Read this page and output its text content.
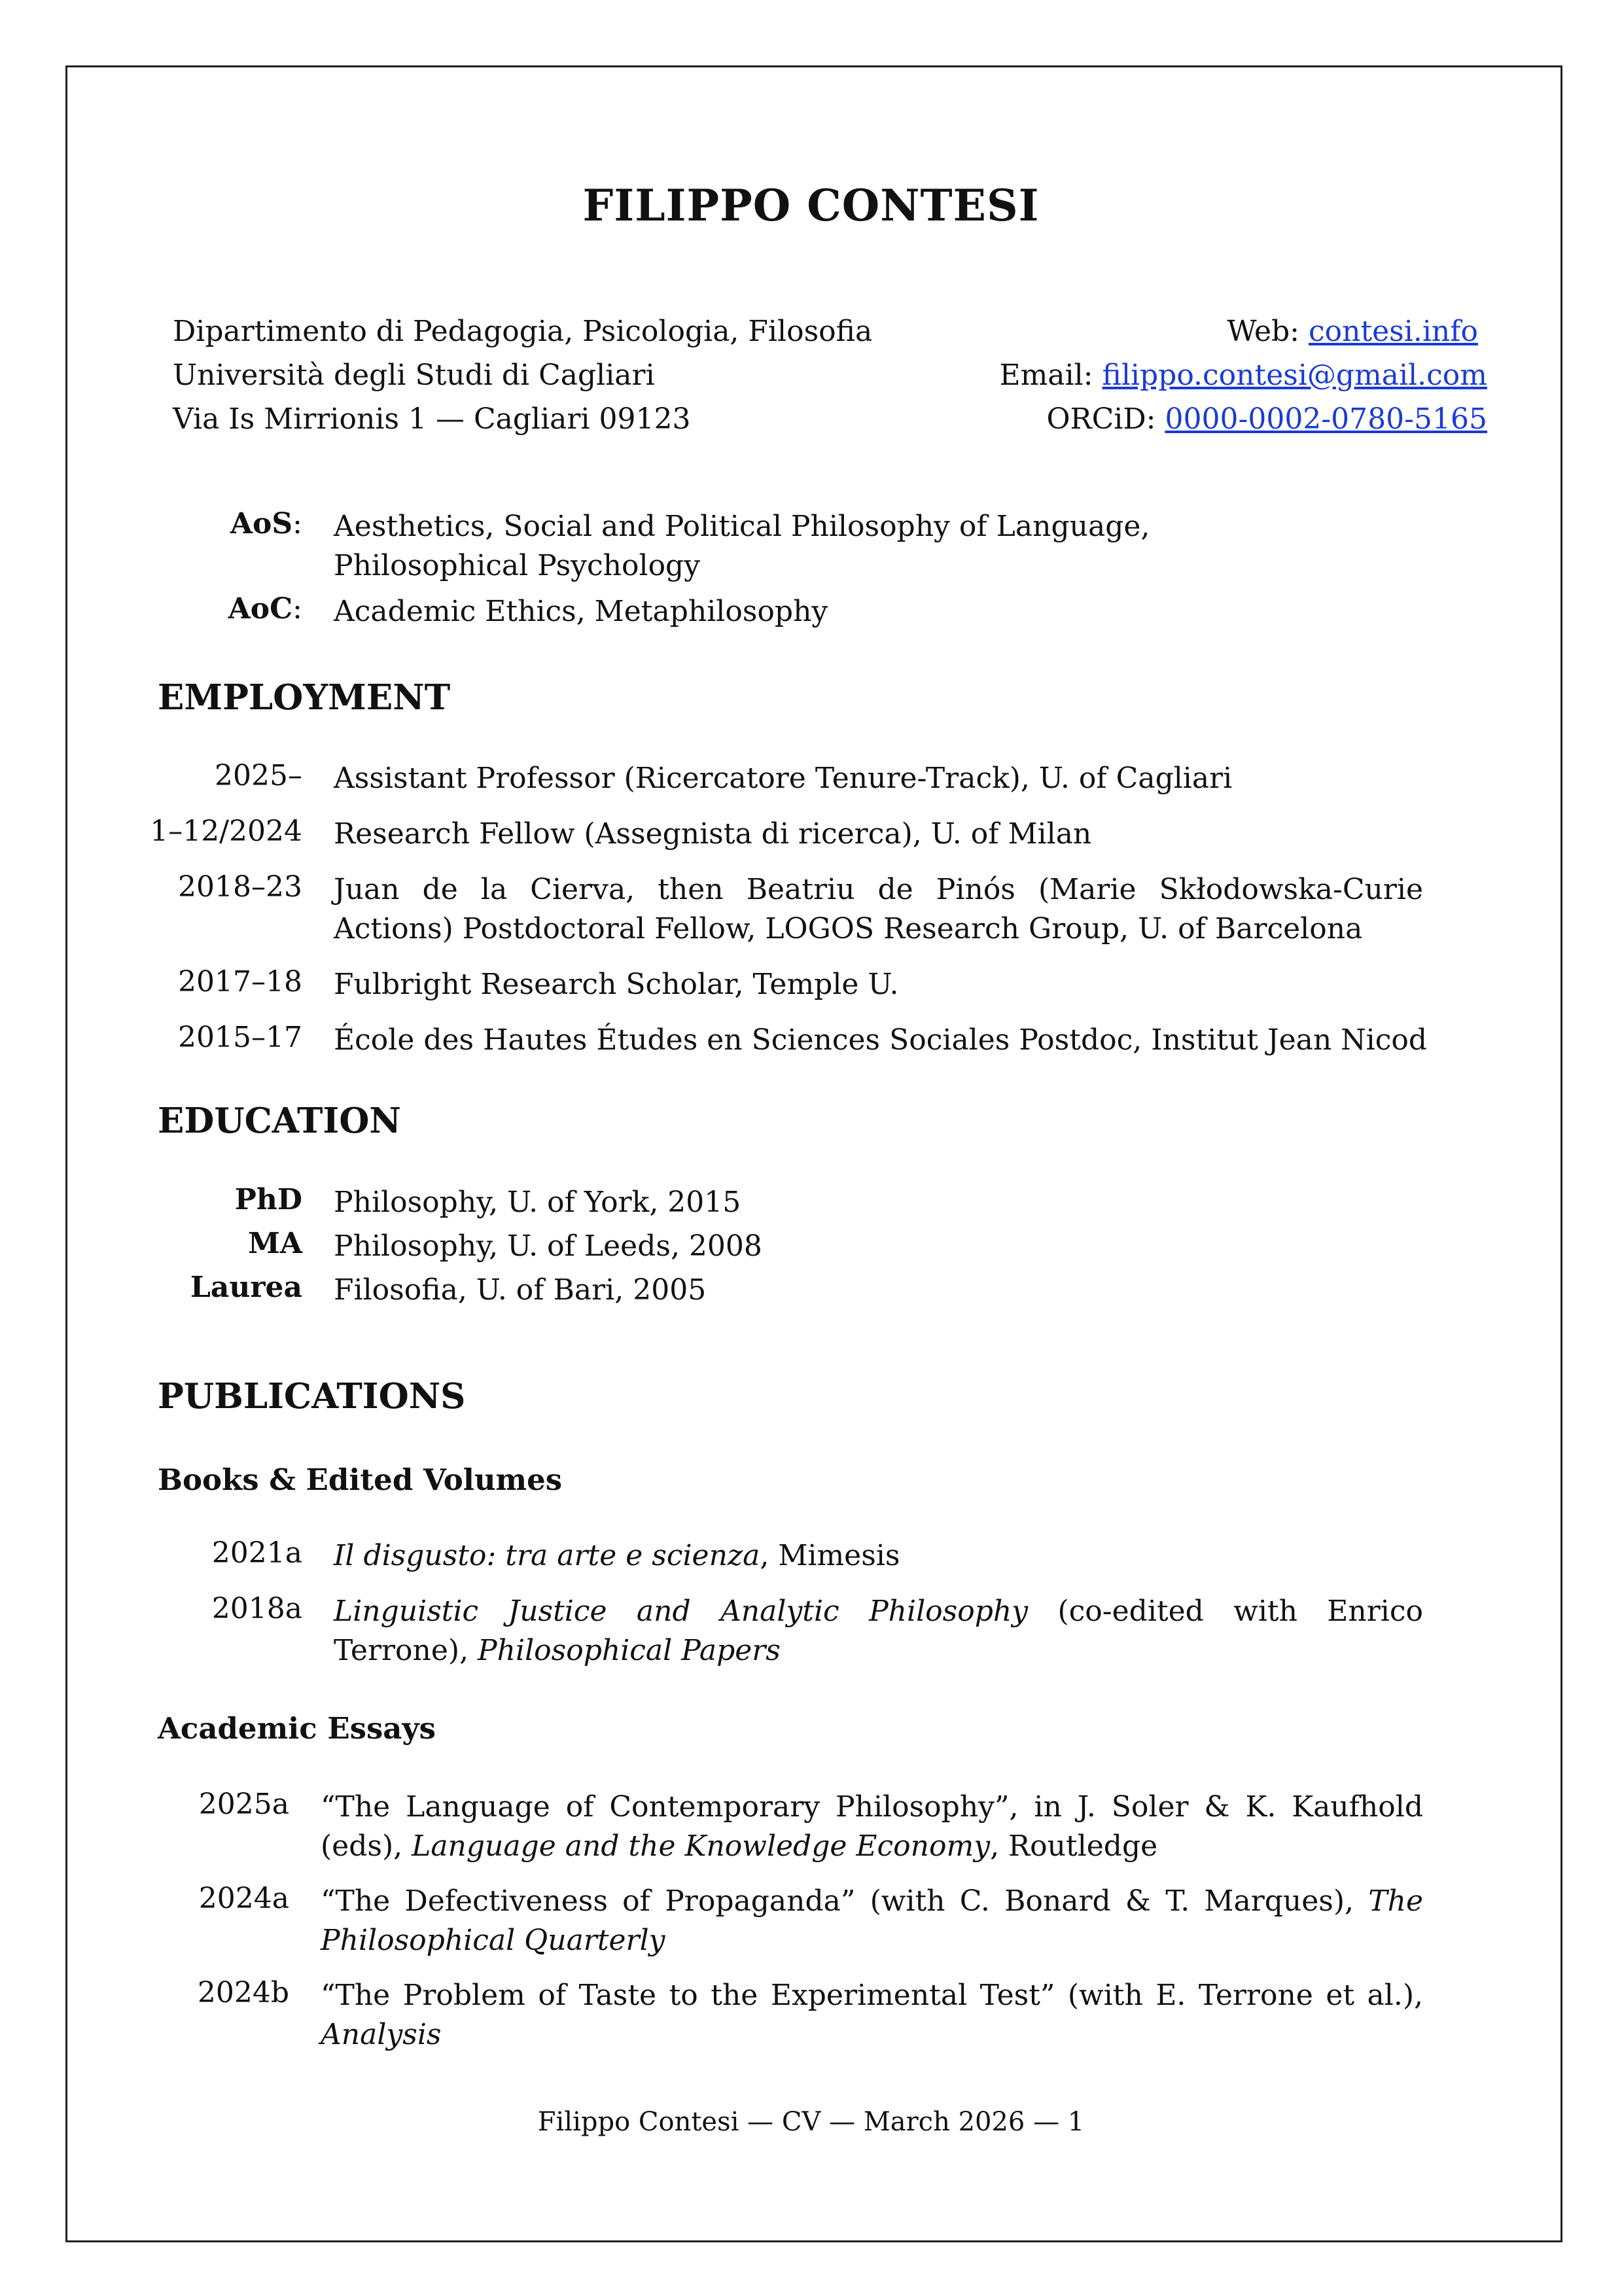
FILIPPO CONTESI
Dipartimento di Pedagogia, Psicologia, Filosofia
Università degli Studi di Cagliari
Via Is Mirrionis 1 — Cagliari 09123
Web: contesi.info
Email: filippo.contesi@gmail.com
ORCiD: 0000-0002-0780-5165
AoS: Aesthetics, Social and Political Philosophy of Language, Philosophical Psychology
AoC: Academic Ethics, Metaphilosophy
EMPLOYMENT
2025– Assistant Professor (Ricercatore Tenure-Track), U. of Cagliari
1–12/2024 Research Fellow (Assegnista di ricerca), U. of Milan
2018–23 Juan de la Cierva, then Beatriu de Pinós (Marie Skłodowska-Curie Actions) Postdoctoral Fellow, LOGOS Research Group, U. of Barcelona
2017–18 Fulbright Research Scholar, Temple U.
2015–17 École des Hautes Études en Sciences Sociales Postdoc, Institut Jean Nicod
EDUCATION
PhD Philosophy, U. of York, 2015
MA Philosophy, U. of Leeds, 2008
Laurea Filosofia, U. of Bari, 2005
PUBLICATIONS
Books & Edited Volumes
2021a Il disgusto: tra arte e scienza, Mimesis
2018a Linguistic Justice and Analytic Philosophy (co-edited with Enrico Terrone), Philosophical Papers
Academic Essays
2025a “The Language of Contemporary Philosophy”, in J. Soler & K. Kaufhold (eds), Language and the Knowledge Economy, Routledge
2024a “The Defectiveness of Propaganda” (with C. Bonard & T. Marques), The Philosophical Quarterly
2024b “The Problem of Taste to the Experimental Test” (with E. Terrone et al.), Analysis
Filippo Contesi — CV — March 2026 — 1
